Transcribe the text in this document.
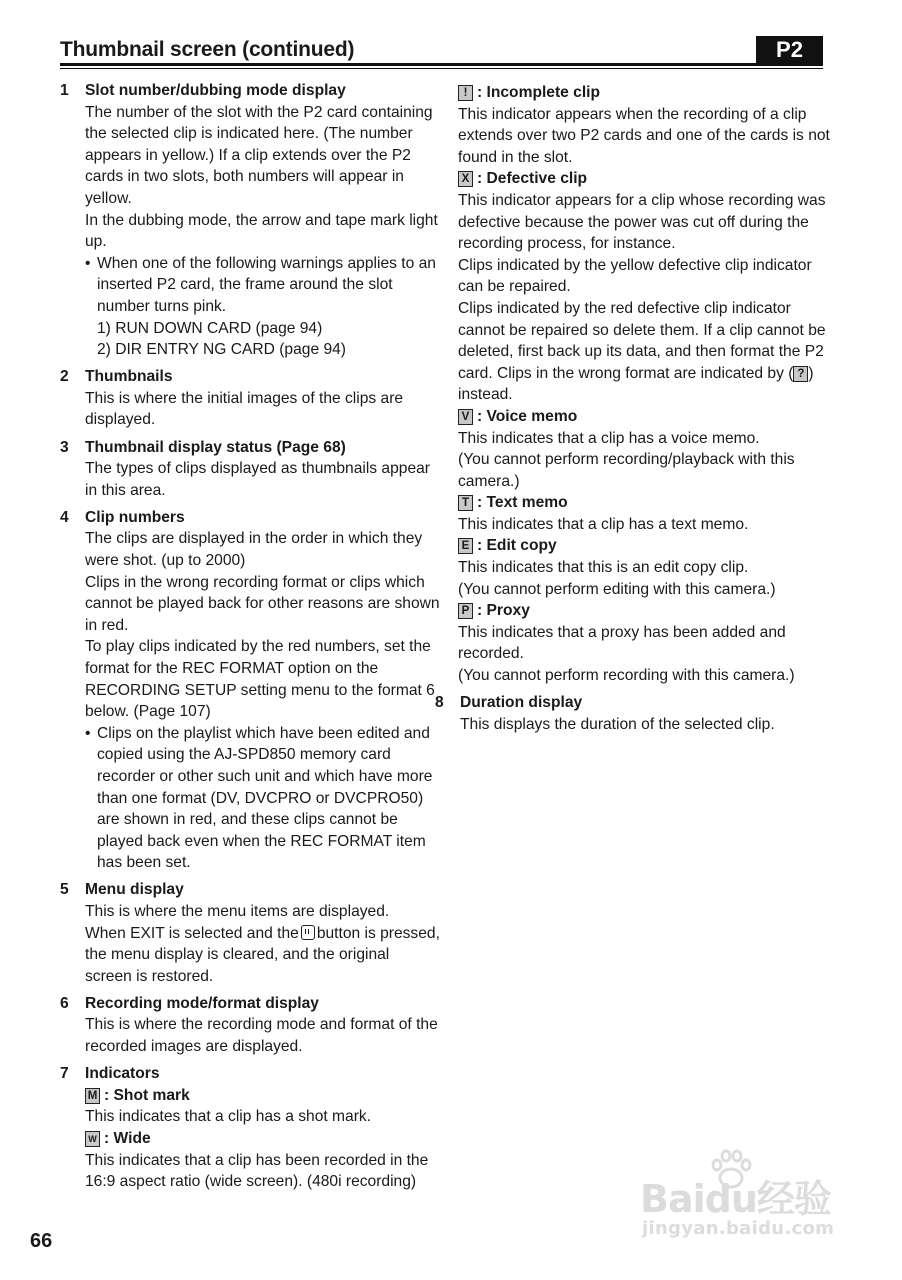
Thumbnail screen (continued)	P2
1 Slot number/dubbing mode display
The number of the slot with the P2 card containing the selected clip is indicated here. (The number appears in yellow.) If a clip extends over the P2 cards in two slots, both numbers will appear in yellow.
In the dubbing mode, the arrow and tape mark light up.
• When one of the following warnings applies to an inserted P2 card, the frame around the slot number turns pink.
1) RUN DOWN CARD (page 94)
2) DIR ENTRY NG CARD (page 94)
2 Thumbnails
This is where the initial images of the clips are displayed.
3 Thumbnail display status (Page 68)
The types of clips displayed as thumbnails appear in this area.
4 Clip numbers
The clips are displayed in the order in which they were shot. (up to 2000)
Clips in the wrong recording format or clips which cannot be played back for other reasons are shown in red.
To play clips indicated by the red numbers, set the format for the REC FORMAT option on the RECORDING SETUP setting menu to the format 6 below. (Page 107)
• Clips on the playlist which have been edited and copied using the AJ-SPD850 memory card recorder or other such unit and which have more than one format (DV, DVCPRO or DVCPRO50) are shown in red, and these clips cannot be played back even when the REC FORMAT item has been set.
5 Menu display
This is where the menu items are displayed.
When EXIT is selected and the button is pressed, the menu display is cleared, and the original screen is restored.
6 Recording mode/format display
This is where the recording mode and format of the recorded images are displayed.
7 Indicators
M : Shot mark
This indicates that a clip has a shot mark.
W : Wide
This indicates that a clip has been recorded in the 16:9 aspect ratio (wide screen). (480i recording)
! : Incomplete clip
This indicator appears when the recording of a clip extends over two P2 cards and one of the cards is not found in the slot.
X : Defective clip
This indicator appears for a clip whose recording was defective because the power was cut off during the recording process, for instance.
Clips indicated by the yellow defective clip indicator can be repaired.
Clips indicated by the red defective clip indicator cannot be repaired so delete them. If a clip cannot be deleted, first back up its data, and then format the P2 card. Clips in the wrong format are indicated by ( ? ) instead.
V : Voice memo
This indicates that a clip has a voice memo.
(You cannot perform recording/playback with this camera.)
T : Text memo
This indicates that a clip has a text memo.
E : Edit copy
This indicates that this is an edit copy clip.
(You cannot perform editing with this camera.)
P : Proxy
This indicates that a proxy has been added and recorded.
(You cannot perform recording with this camera.)
8 Duration display
This displays the duration of the selected clip.
66
Baidu经验
jingyan.baidu.com
